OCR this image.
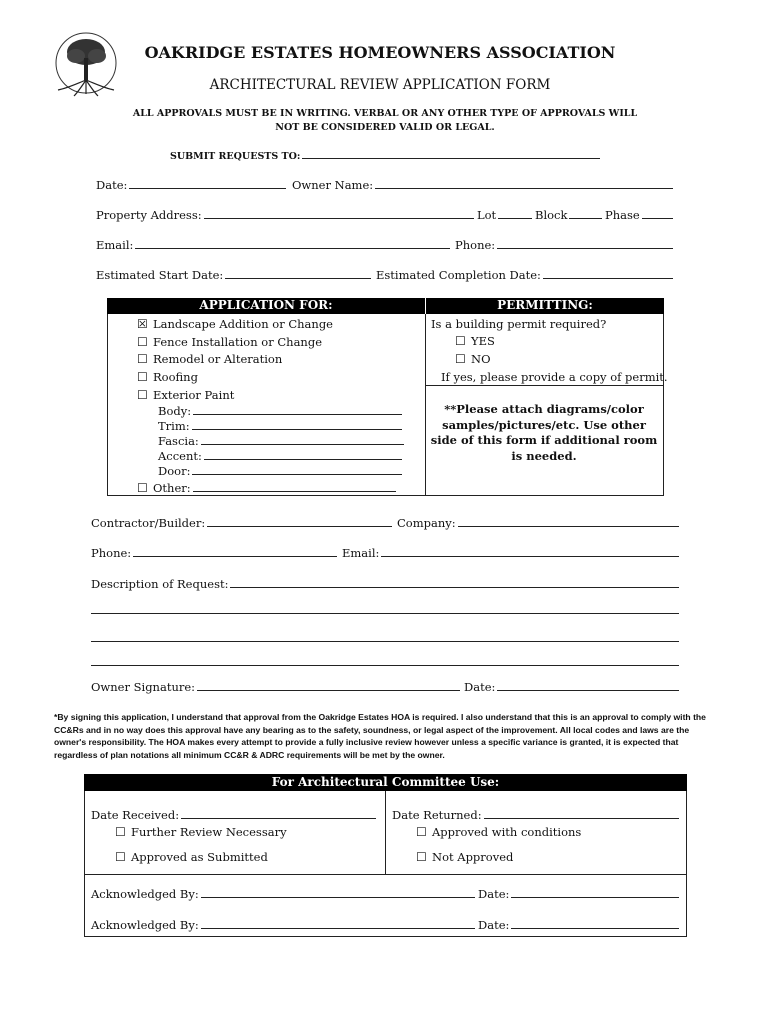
OAKRIDGE ESTATES HOMEOWNERS ASSOCIATION
ARCHITECTURAL REVIEW APPLICATION FORM
ALL APPROVALS MUST BE IN WRITING. VERBAL OR ANY OTHER TYPE OF APPROVALS WILL
NOT BE CONSIDERED VALID OR LEGAL.
SUBMIT REQUESTS TO:
Date:	Owner Name:
Property Address:	Lot	Block	Phase
Email:	Phone:
Estimated Start Date:	Estimated Completion Date:
APPLICATION FOR:	PERMITTING:
☒ Landscape Addition or Change
☐ Fence Installation or Change
☐ Remodel or Alteration
☐ Roofing
☐ Exterior Paint
Body:
Trim:
Fascia:
Accent:
Door:
☐ Other:
Is a building permit required?
☐ YES
☐ NO
If yes, please provide a copy of permit.
**Please attach diagrams/color samples/pictures/etc. Use other side of this form if additional room is needed.
Contractor/Builder:	Company:
Phone:	Email:
Description of Request:
Owner Signature:	Date:
*By signing this application, I understand that approval from the Oakridge Estates HOA is required. I also understand that this is an approval to comply with the CC&Rs and in no way does this approval have any bearing as to the safety, soundness, or legal aspect of the improvement. All local codes and laws are the owner's responsibility. The HOA makes every attempt to provide a fully inclusive review however unless a specific variance is granted, it is expected that regardless of plan notations all minimum CC&R & ADRC requirements will be met by the owner.
For Architectural Committee Use:
Date Received:	Date Returned:
☐ Further Review Necessary	☐ Approved with conditions
☐ Approved as Submitted	☐ Not Approved
Acknowledged By:	Date:
Acknowledged By:	Date:
